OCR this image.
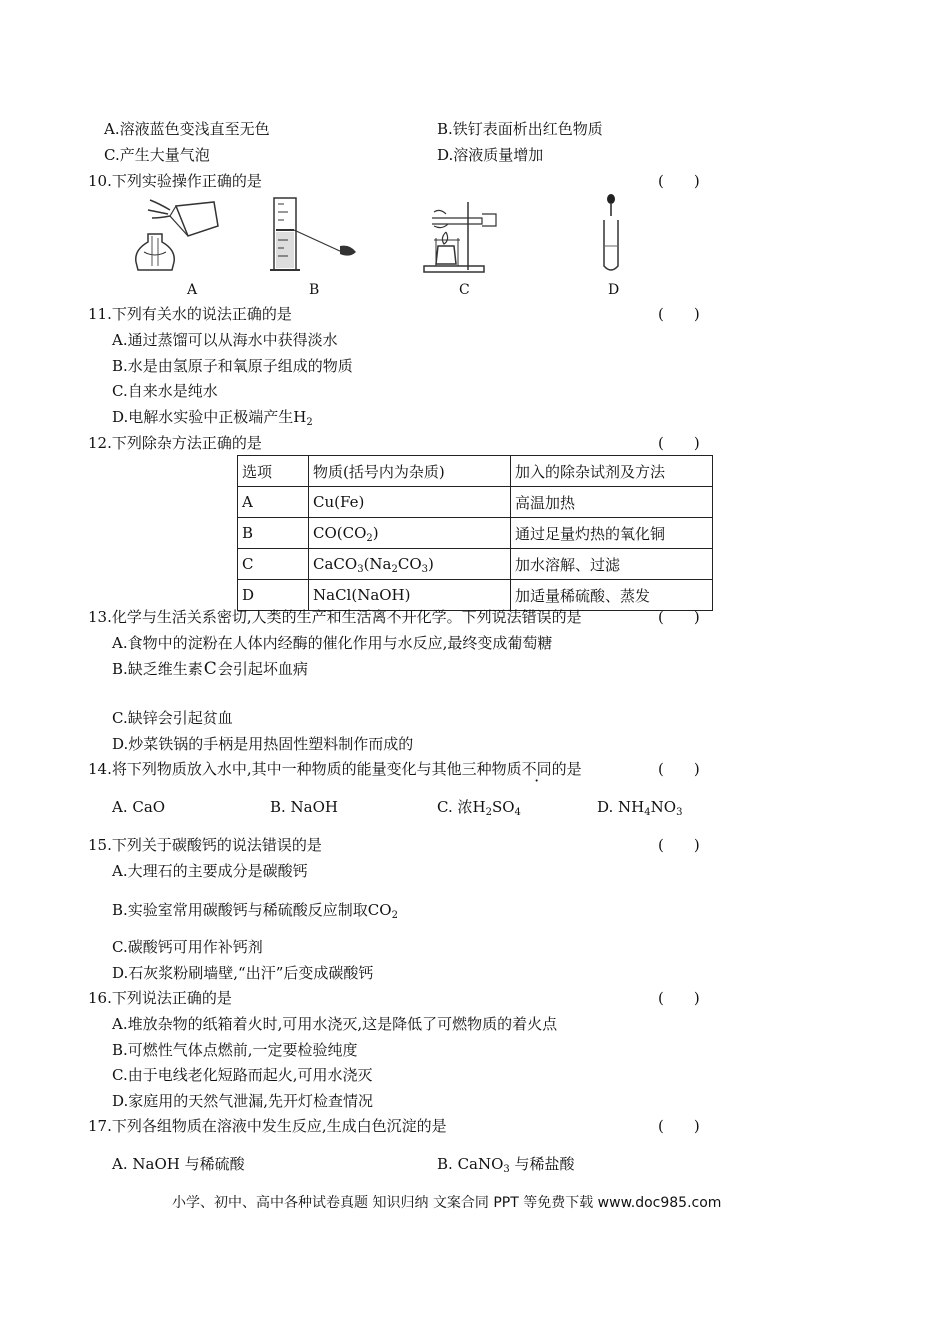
A.溶液蓝色变浅直至无色	B.铁钉表面析出红色物质
C.产生大量气泡	D.溶液质量增加
10.下列实验操作正确的是	(　　)
A	B	C	D
11.下列有关水的说法正确的是	(　　)
A.通过蒸馏可以从海水中获得淡水
B.水是由氢原子和氧原子组成的物质
C.自来水是纯水
D.电解水实验中正极端产生$H_2$
12.下列除杂方法正确的是	(　　)
选项	物质(括号内为杂质)	加入的除杂试剂及方法
A	Cu(Fe)	高温加热
B	$CO(CO_2)$	通过足量灼热的氧化铜
C	$CaCO_3(Na_2CO_3)$	加水溶解、过滤
D	NaCl(NaOH)	加适量稀硫酸、蒸发
13.化学与生活关系密切,人类的生产和生活离不开化学。下列说法错误的是	(　　)
A.食物中的淀粉在人体内经酶的催化作用与水反应,最终变成葡萄糖
B.缺乏维生素C会引起坏血病
C.缺锌会引起贫血
D.炒菜铁锅的手柄是用热固性塑料制作而成的
14.将下列物质放入水中,其中一种物质的能量变化与其他三种物质不同的是	(　　)
A. CaO	B. NaOH	C. 浓$H_2SO_4$	D. $NH_4NO_3$
15.下列关于碳酸钙的说法错误的是	(　　)
A.大理石的主要成分是碳酸钙
B.实验室常用碳酸钙与稀硫酸反应制取$CO_2$
C.碳酸钙可用作补钙剂
D.石灰浆粉刷墙壁,“出汗”后变成碳酸钙
16.下列说法正确的是	(　　)
A.堆放杂物的纸箱着火时,可用水浇灭,这是降低了可燃物质的着火点
B.可燃性气体点燃前,一定要检验纯度
C.由于电线老化短路而起火,可用水浇灭
D.家庭用的天然气泄漏,先开灯检查情况
17.下列各组物质在溶液中发生反应,生成白色沉淀的是	(　　)
A. NaOH 与稀硫酸	B. CaNO$_3$ 与稀盐酸
小学、初中、高中各种试卷真题 知识归纳 文案合同 PPT 等免费下载 www.doc985.com
